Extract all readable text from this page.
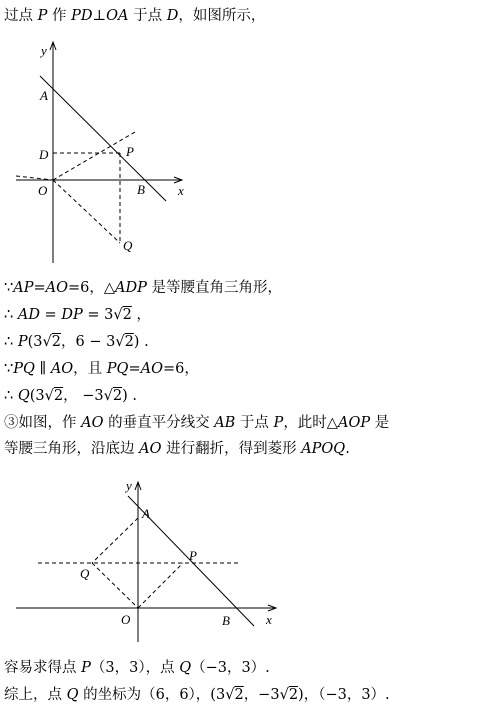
过点 P 作 PD⊥OA 于点 D，如图所示，
y
A
D	P
O	B	x
Q
∵AP=AO=6，△ADP 是等腰直角三角形，
∴ AD = DP = 3√2 ，
∴ P(3√2，6 − 3√2) .
∵PQ ∥ AO，且 PQ=AO=6，
∴ Q(3√2， −3√2) .
③如图，作 AO 的垂直平分线交 AB 于点 P，此时△AOP 是
等腰三角形，沿底边 AO 进行翻折，得到菱形 APOQ.
y
A
P
Q
O	B	x
容易求得点 P（3，3），点 Q（−3，3）.
综上，点 Q 的坐标为（6，6），(3√2，−3√2)，（−3，3）.
